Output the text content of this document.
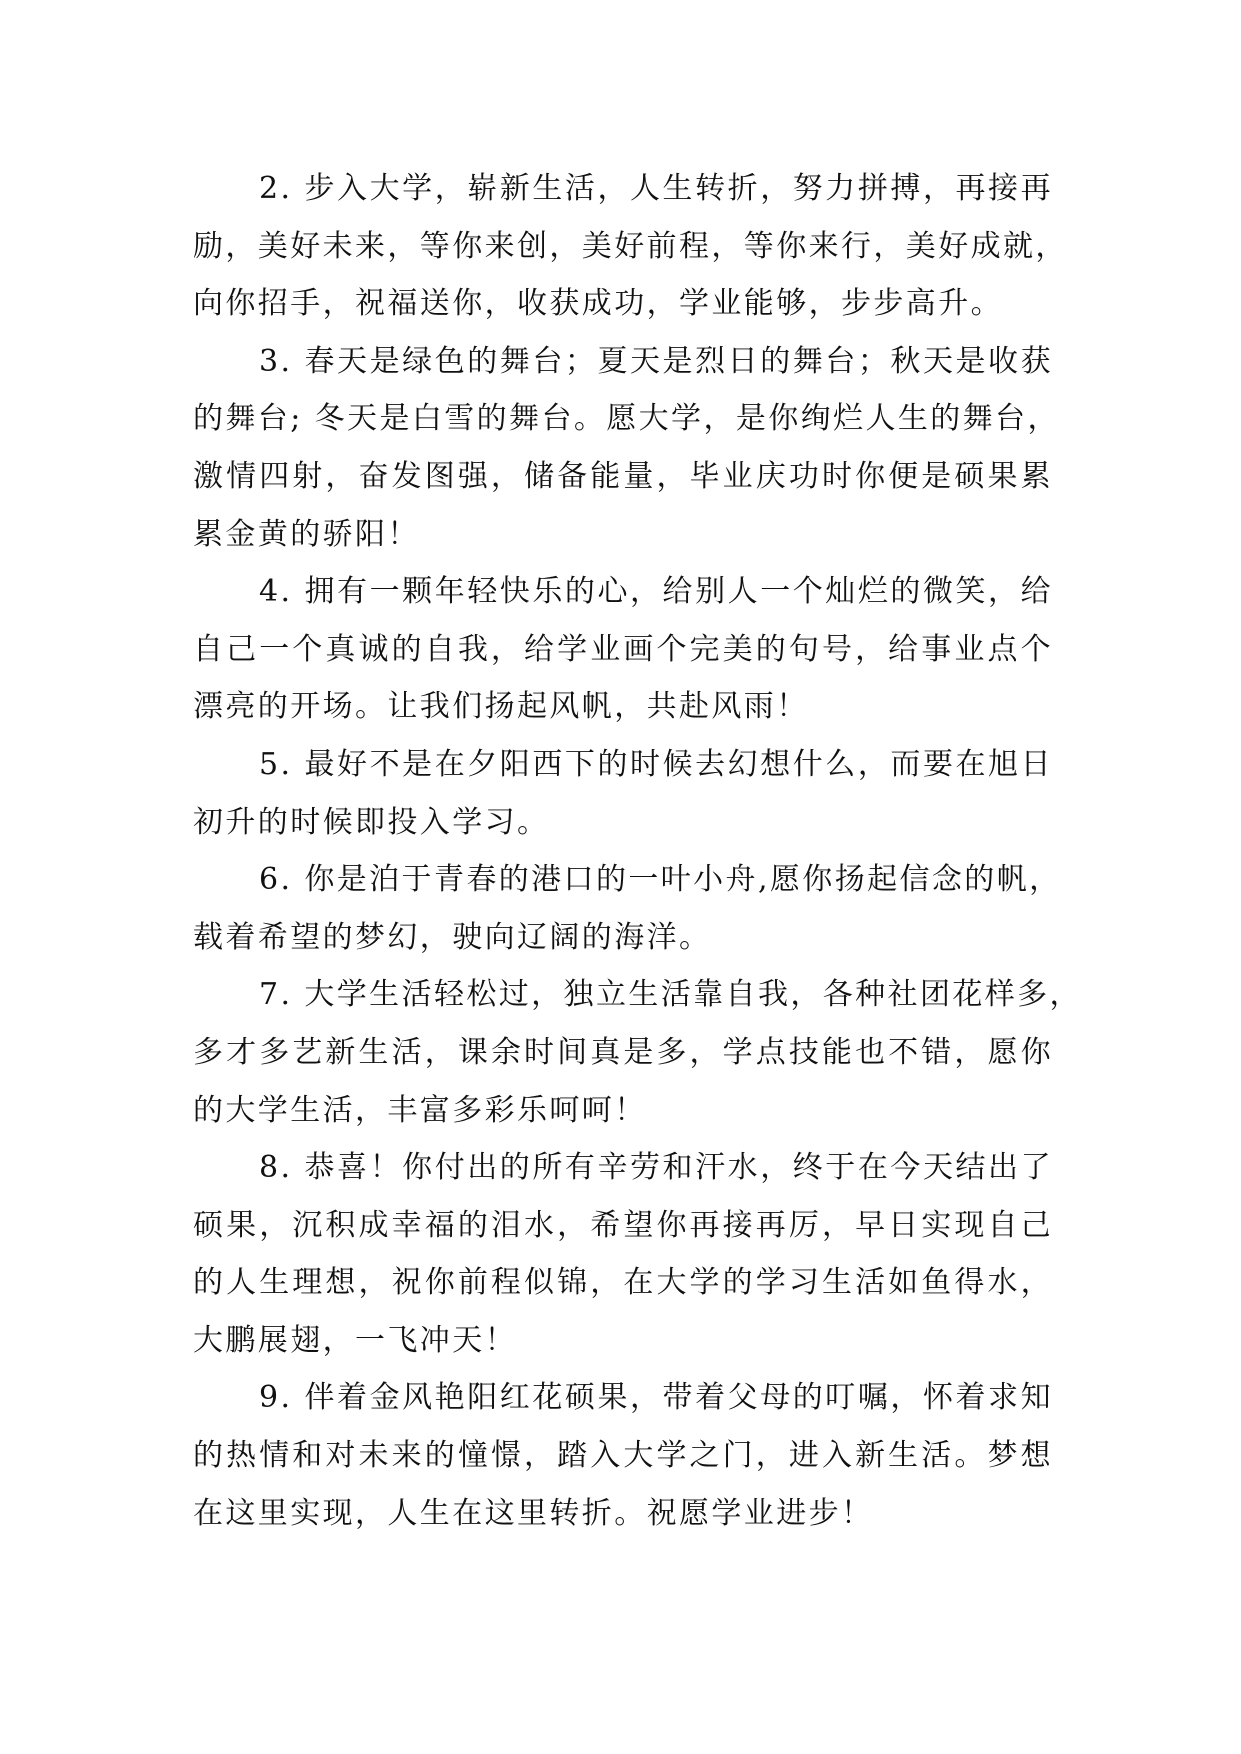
2. 步入大学，崭新生活，人生转折，努力拼搏，再接再
励，美好未来，等你来创，美好前程，等你来行，美好成就，
向你招手，祝福送你，收获成功，学业能够，步步高升。
3. 春天是绿色的舞台；夏天是烈日的舞台；秋天是收获
的舞台; 冬天是白雪的舞台。愿大学，是你绚烂人生的舞台，
激情四射，奋发图强，储备能量，毕业庆功时你便是硕果累
累金黄的骄阳！
4. 拥有一颗年轻快乐的心，给别人一个灿烂的微笑，给
自己一个真诚的自我，给学业画个完美的句号，给事业点个
漂亮的开场。让我们扬起风帆，共赴风雨！
5. 最好不是在夕阳西下的时候去幻想什么，而要在旭日
初升的时候即投入学习。
6. 你是泊于青春的港口的一叶小舟,愿你扬起信念的帆，
载着希望的梦幻，驶向辽阔的海洋。
7. 大学生活轻松过，独立生活靠自我，各种社团花样多，
多才多艺新生活，课余时间真是多，学点技能也不错，愿你
的大学生活，丰富多彩乐呵呵！
8. 恭喜！你付出的所有辛劳和汗水，终于在今天结出了
硕果，沉积成幸福的泪水，希望你再接再厉，早日实现自己
的人生理想，祝你前程似锦，在大学的学习生活如鱼得水，
大鹏展翅，一飞冲天！
9. 伴着金风艳阳红花硕果，带着父母的叮嘱，怀着求知
的热情和对未来的憧憬，踏入大学之门，进入新生活。梦想
在这里实现，人生在这里转折。祝愿学业进步！
